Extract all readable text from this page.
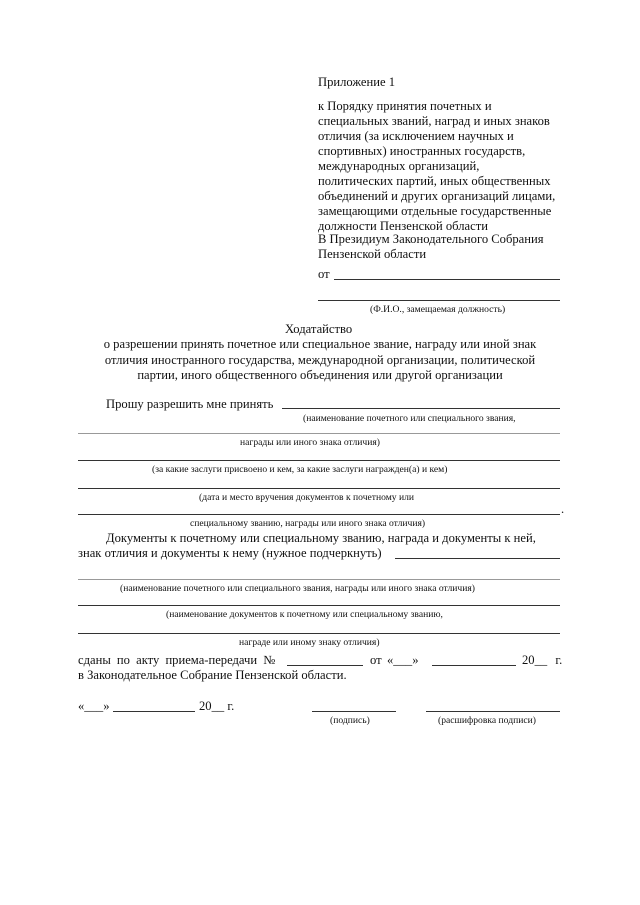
Приложение 1
к Порядку принятия почетных и
специальных званий, наград и иных знаков
отличия (за исключением научных и
спортивных) иностранных государств,
международных организаций,
политических партий, иных общественных
объединений и других организаций лицами,
замещающими отдельные государственные
должности Пензенской области
В Президиум Законодательного Собрания
Пензенской области
от
(Ф.И.О., замещаемая должность)
Ходатайство
о разрешении принять почетное или специальное звание, награду или иной знак
отличия иностранного государства, международной организации, политической
партии, иного общественного объединения или другой организации
Прошу разрешить мне принять
(наименование почетного или специального звания,
награды или иного знака отличия)
(за какие заслуги присвоено и кем, за какие заслуги награжден(а) и кем)
(дата и место вручения документов к почетному или
.
специальному званию, награды или иного знака отличия)
Документы к почетному или специальному званию, награда и документы к ней,
знак отличия и документы к нему (нужное подчеркнуть)
(наименование почетного или специального звания, награды или иного знака отличия)
(наименование документов к почетному или специальному званию,
награде или иному знаку отличия)
сданы по акту приема-передачи №	от «___»	20__ г.
в Законодательное Собрание Пензенской области.
«___»	20__ г.
(подпись)	(расшифровка подписи)
